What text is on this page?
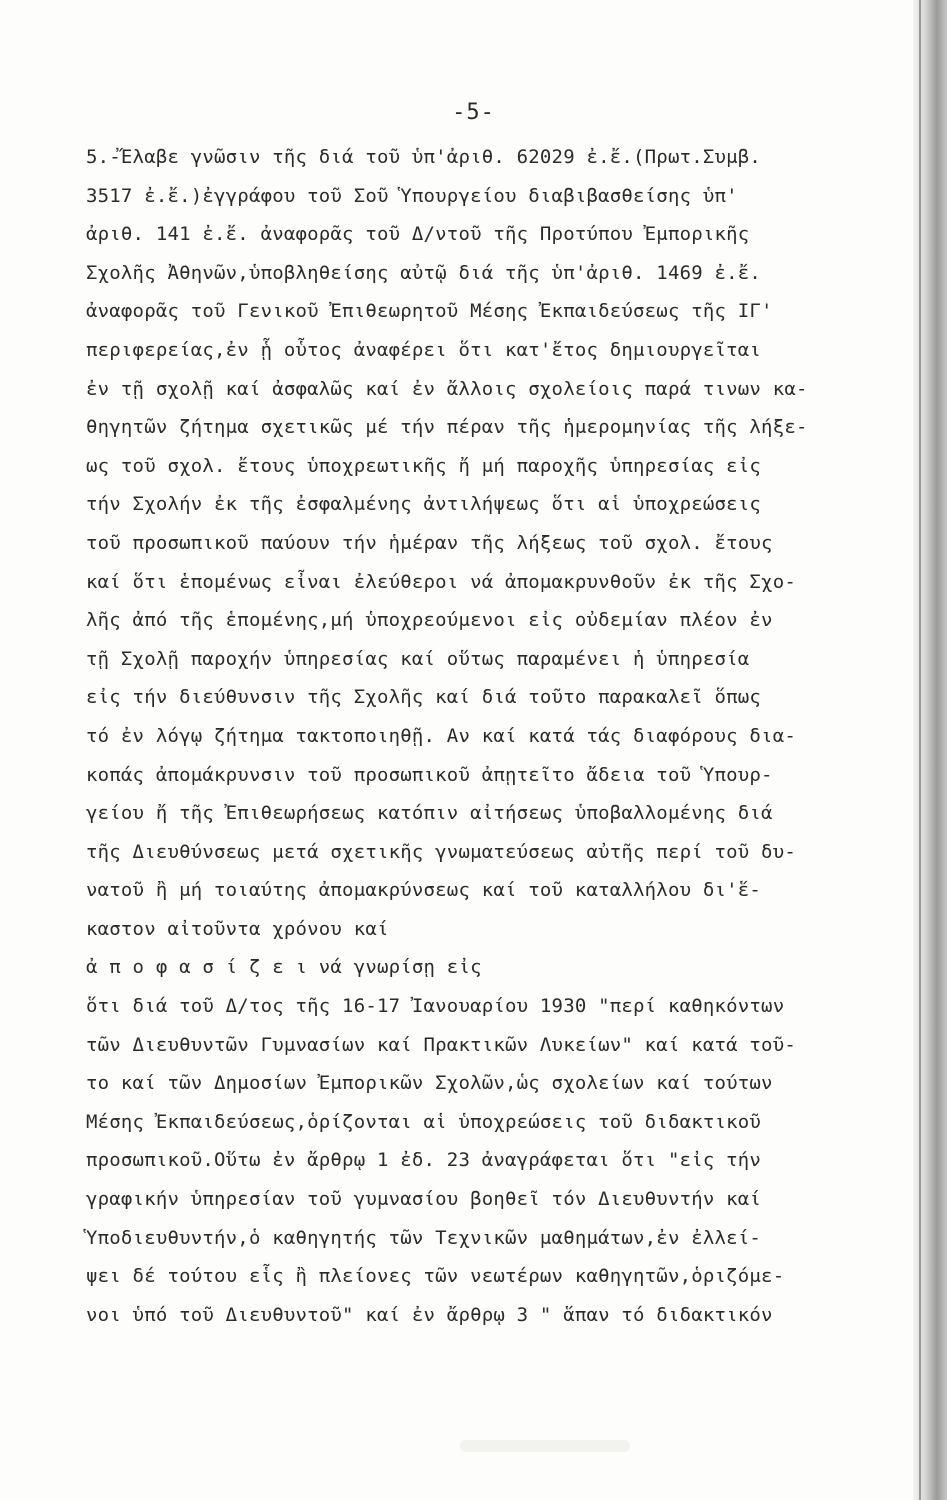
-5-
5.-Ἔλαβε γνῶσιν τῆς διά τοῦ ὑπ'ἀριθ. 62029 ἐ.ἔ.(Πρωτ.Συμβ.
3517 ἐ.ἔ.)ἐγγράφου τοῦ Σοῦ Ὑπουργείου διαβιβασθείσης ὑπ'
ἀριθ. 141 ἐ.ἔ. ἀναφορᾶς τοῦ Δ/ντοῦ τῆς Προτύπου Ἐμπορικῆς
Σχολῆς Ἀθηνῶν,ὑποβληθείσης αὐτῷ διά τῆς ὑπ'ἀριθ. 1469 ἐ.ἔ.
ἀναφορᾶς τοῦ Γενικοῦ Ἐπιθεωρητοῦ Μέσης Ἐκπαιδεύσεως τῆς ΙΓ'
περιφερείας,ἐν ᾗ οὗτος ἀναφέρει ὅτι κατ'ἔτος δημιουργεῖται
ἐν τῇ σχολῇ καί ἀσφαλῶς καί ἐν ἄλλοις σχολείοις παρά τινων κα-
θηγητῶν ζήτημα σχετικῶς μέ τήν πέραν τῆς ἡμερομηνίας τῆς λήξε-
ως τοῦ σχολ. ἔτους ὑποχρεωτικῆς ἤ μή παροχῆς ὑπηρεσίας εἰς
τήν Σχολήν ἐκ τῆς ἐσφαλμένης ἀντιλήψεως ὅτι αἱ ὑποχρεώσεις
τοῦ προσωπικοῦ παύουν τήν ἡμέραν τῆς λήξεως τοῦ σχολ. ἔτους
καί ὅτι ἑπομένως εἶναι ἐλεύθεροι νά ἀπομακρυνθοῦν ἐκ τῆς Σχο-
λῆς ἀπό τῆς ἑπομένης,μή ὑποχρεούμενοι εἰς οὐδεμίαν πλέον ἐν
τῇ Σχολῇ παροχήν ὑπηρεσίας καί οὕτως παραμένει ἡ ὑπηρεσία
εἰς τήν διεύθυνσιν τῆς Σχολῆς καί διά τοῦτο παρακαλεῖ ὅπως
τό ἐν λόγῳ ζήτημα τακτοποιηθῇ. Αν καί κατά τάς διαφόρους δια-
κοπάς ἀπομάκρυνσιν τοῦ προσωπικοῦ ἀπῃτεῖτο ἄδεια τοῦ Ὑπουρ-
γείου ἤ τῆς Ἐπιθεωρήσεως κατόπιν αἰτήσεως ὑποβαλλομένης διά
τῆς Διευθύνσεως μετά σχετικῆς γνωματεύσεως αὐτῆς περί τοῦ δυ-
νατοῦ ἢ μή τοιαύτης ἀπομακρύνσεως καί τοῦ καταλλήλου δι'ἕ-
καστον αἰτοῦντα χρόνου καί
ἀ π ο φ α σ ί ζ ε ι νά γνωρίσῃ εἰς
ὅτι διά τοῦ Δ/τος τῆς 16-17 Ἰανουαρίου 1930 "περί καθηκόντων
τῶν Διευθυντῶν Γυμνασίων καί Πρακτικῶν Λυκείων" καί κατά τοῦ-
το καί τῶν Δημοσίων Ἐμπορικῶν Σχολῶν,ὡς σχολείων καί τούτων
Μέσης Ἐκπαιδεύσεως,ὁρίζονται αἱ ὑποχρεώσεις τοῦ διδακτικοῦ
προσωπικοῦ.Οὕτω ἐν ἄρθρῳ 1 ἐδ. 23 ἀναγράφεται ὅτι "εἰς τήν
γραφικήν ὑπηρεσίαν τοῦ γυμνασίου βοηθεῖ τόν Διευθυντήν καί
Ὑποδιευθυντήν,ὁ καθηγητής τῶν Τεχνικῶν μαθημάτων,ἐν ἐλλεί-
ψει δέ τούτου εἷς ἢ πλείονες τῶν νεωτέρων καθηγητῶν,ὁριζόμε-
νοι ὑπό τοῦ Διευθυντοῦ" καί ἐν ἄρθρῳ 3 " ἅπαν τό διδακτικόν
